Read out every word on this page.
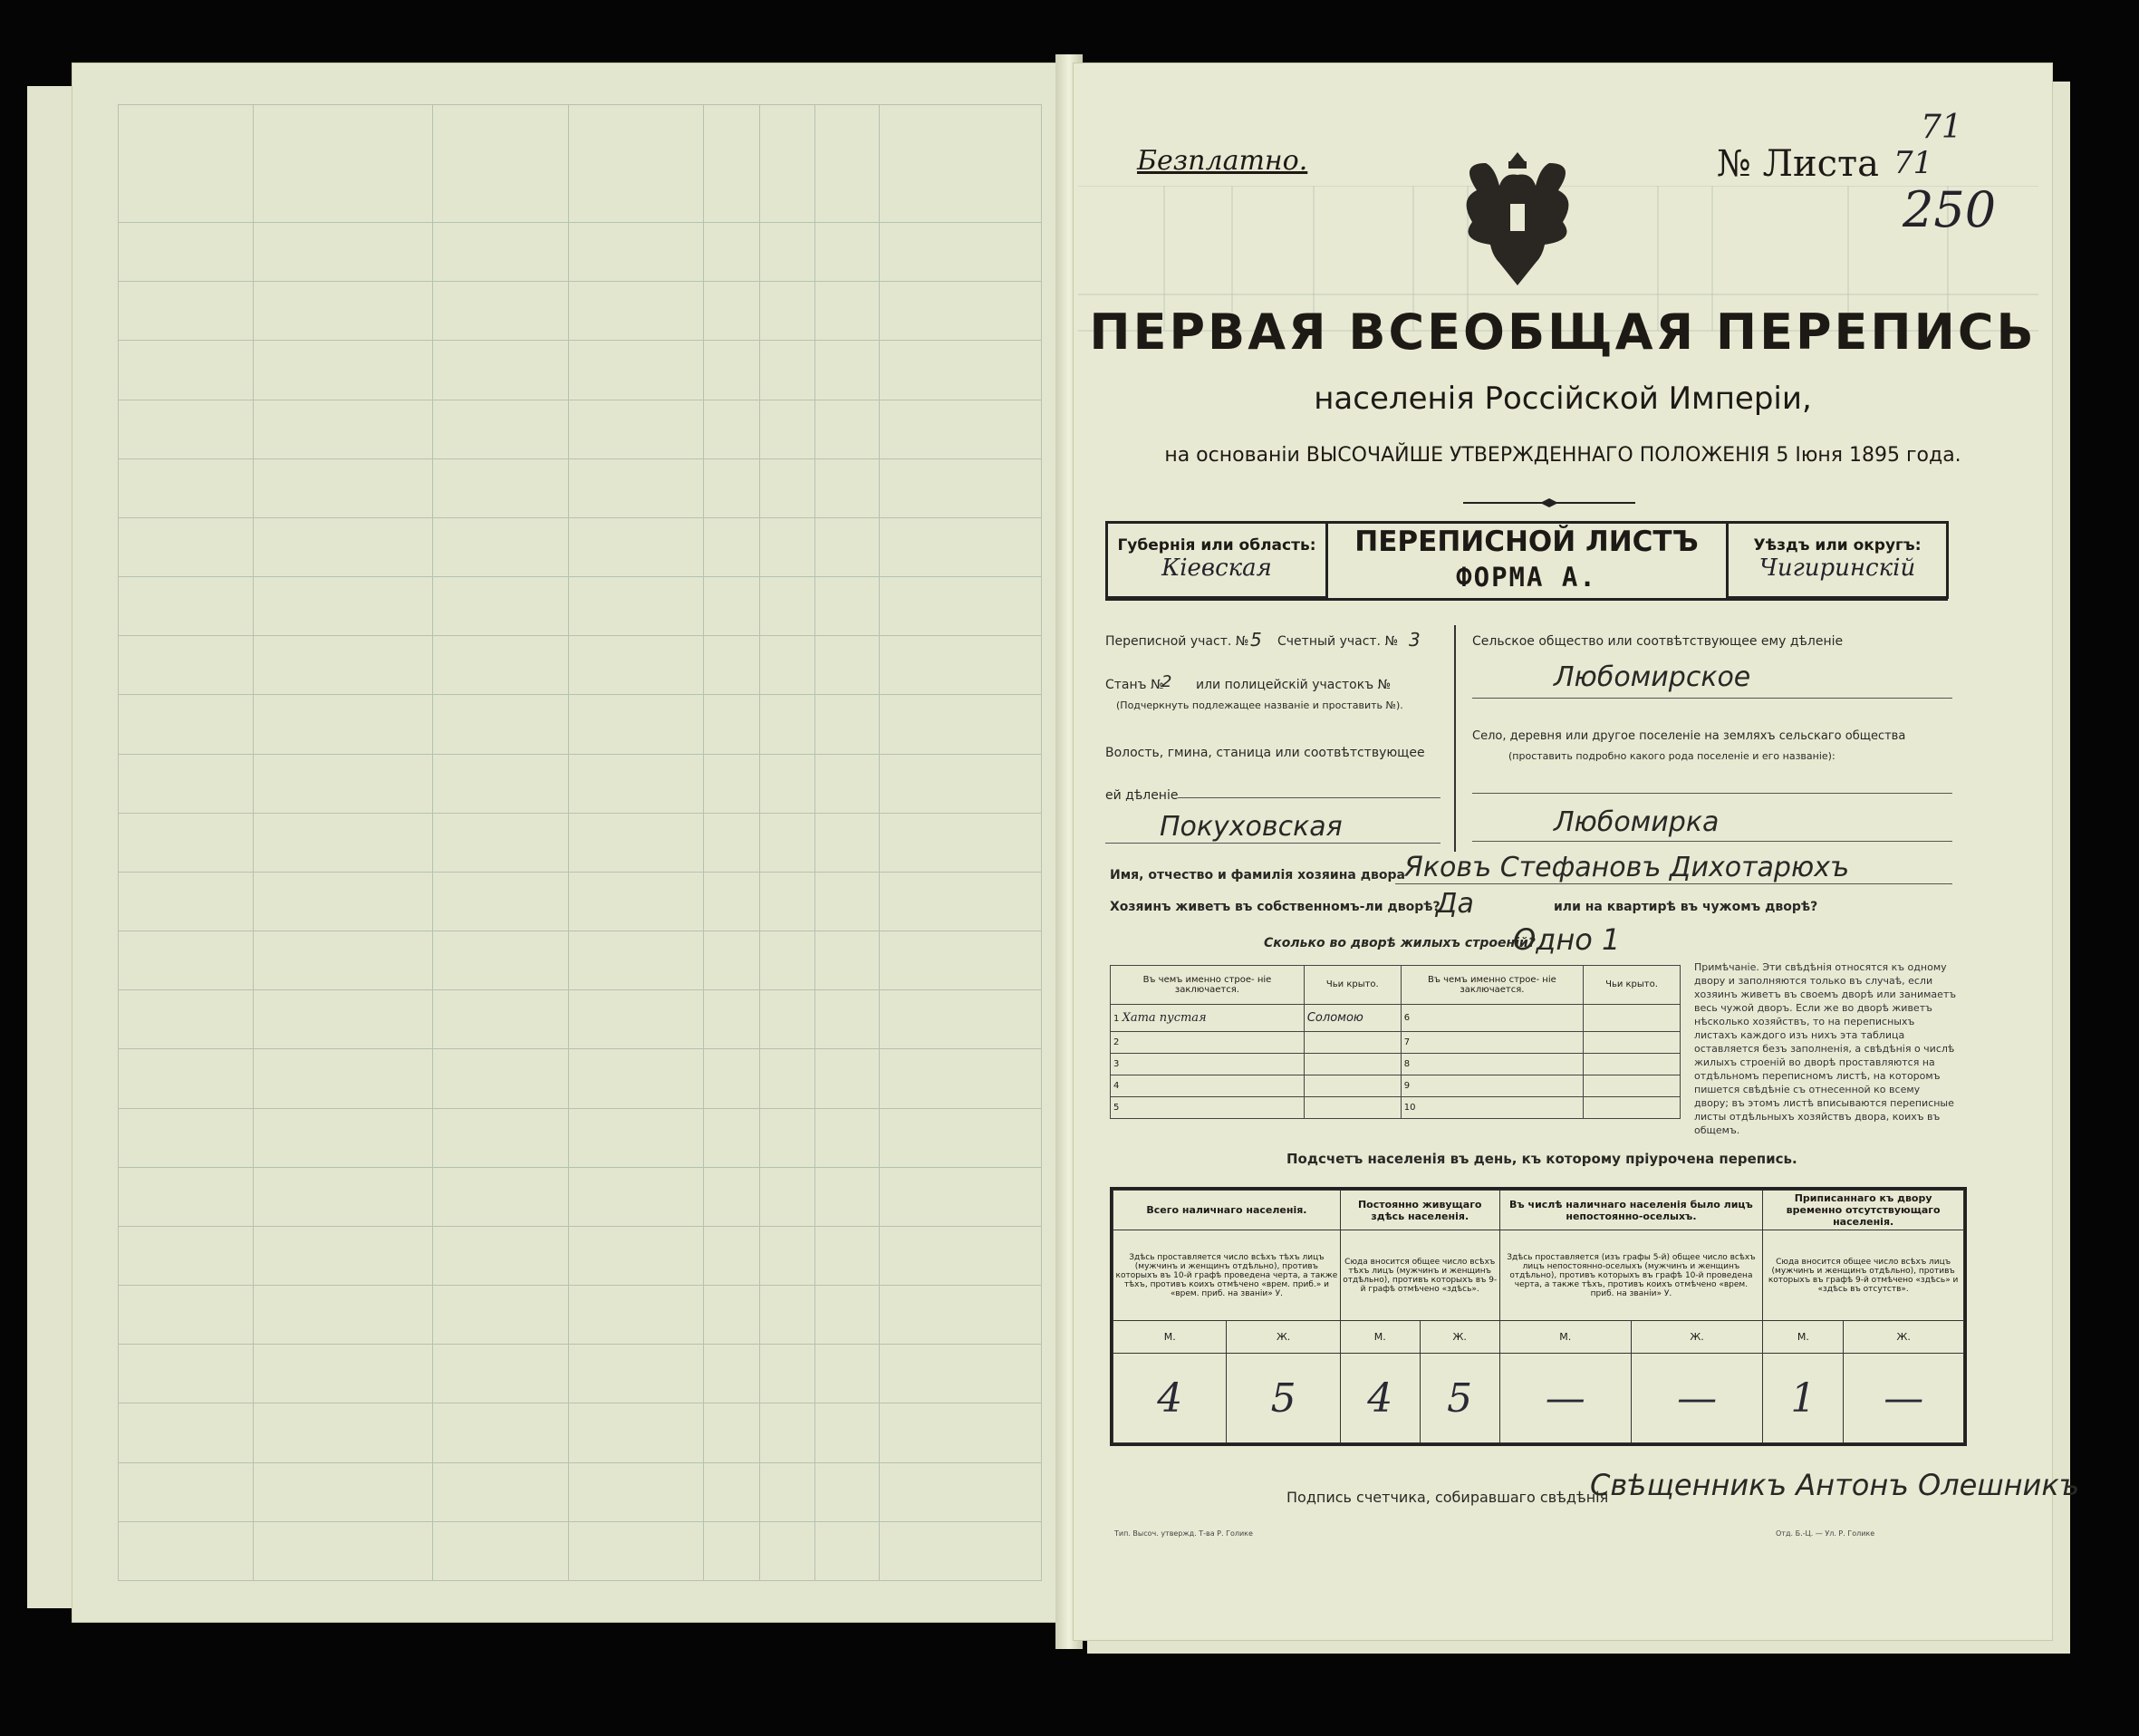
Безплатно.	№ Листа 71
71
250
ПЕРВАЯ ВСЕОБЩАЯ ПЕРЕПИСЬ
населенія Россійской Имперіи,
на основаніи ВЫСОЧАЙШЕ УТВЕРЖДЕННАГО ПОЛОЖЕНІЯ 5 Іюня 1895 года.
Губернія или область:
Кіевская
ПЕРЕПИСНОЙ ЛИСТЪ
ФОРМА А.
Уѣздъ или округъ:
Чигиринскій
Переписной участ. № 5 Счетный участ. № 3
Станъ №
2 или полицейскій участокъ №
(Подчеркнуть подлежащее названіе и проставить №).
Волость, гмина, станица или соотвѣтствующее
ей дѣленіе
Покуховская
Сельское общество или соотвѣтствующее ему дѣленіе
Любомирское
Село, деревня или другое поселеніе на земляхъ сельскаго общества
(проставить подробно какого рода поселеніе и его названіе):
Любомирка
Имя, отчество и фамилія хозяина двора Яковъ Стефановъ Дихотарюхъ
Хозяинъ живетъ въ собственномъ-ли дворѣ?
Да	или на квартирѣ въ чужомъ дворѣ?
Сколько во дворѣ жилыхъ строеній?
Одно 1
Въ чемъ именно строе- ніе заключается.	Чьи крыто.	Въ чемъ именно строе- ніе заключается.	Чьи крыто.
1 Хата пустая	Соломою	6	
2		7	
3		8	
4		9	
5		10	
Примѣчаніе. Эти свѣдѣнія относятся къ одному двору и заполняются только въ случаѣ, если хозяинъ живетъ въ своемъ дворѣ или занимаетъ весь чужой дворъ. Если же во дворѣ живетъ нѣсколько хозяйствъ, то на переписныхъ листахъ каждого изъ нихъ эта таблица оставляется безъ заполненія, а свѣдѣнія о числѣ жилыхъ строеній во дворѣ проставляются на отдѣльномъ переписномъ листѣ, на которомъ пишется свѣдѣніе съ отнесенной ко всему двору; въ этомъ листѣ вписываются переписные листы отдѣльныхъ хозяйствъ двора, коихъ въ общемъ.
Подсчетъ населенія въ день, къ которому пріурочена перепись.
Всего наличнаго населенія.		Постоянно живущаго здѣсь населенія.		Въ числѣ наличнаго населенія было лицъ непостоянно-оселыхъ.		Приписаннаго къ двору временно отсутствующаго населенія.	
Здѣсь проставляется число всѣхъ тѣхъ лицъ (мужчинъ и женщинъ отдѣльно), противъ которыхъ въ 10-й графѣ проведена черта, а также тѣхъ, противъ коихъ отмѣчено «врем. приб.» и «врем. приб. на званіи» У.		Сюда вносится общее число всѣхъ тѣхъ лицъ (мужчинъ и женщинъ отдѣльно), противъ которыхъ въ 9-й графѣ отмѣчено «здѣсь».		Здѣсь проставляется (изъ графы 5-й) общее число всѣхъ лицъ непостоянно-оселыхъ (мужчинъ и женщинъ отдѣльно), противъ которыхъ въ графѣ 10-й проведена черта, а также тѣхъ, противъ коихъ отмѣчено «врем. приб. на званіи» У.		Сюда вносится общее число всѣхъ лицъ (мужчинъ и женщинъ отдѣльно), противъ которыхъ въ графѣ 9-й отмѣчено «здѣсь» и «здѣсь въ отсутств».	
М.	Ж.	М.	Ж.	М.	Ж.	М.	Ж.
4	5	4	5	—	—	1	—
Подпись счетчика, собиравшаго свѣдѣнія
Свѣщенникъ Антонъ Олешникъ
Тип. Высоч. утвержд. Т-ва Р. Голике	Отд. Б.-Ц. — Ул. Р. Голике
